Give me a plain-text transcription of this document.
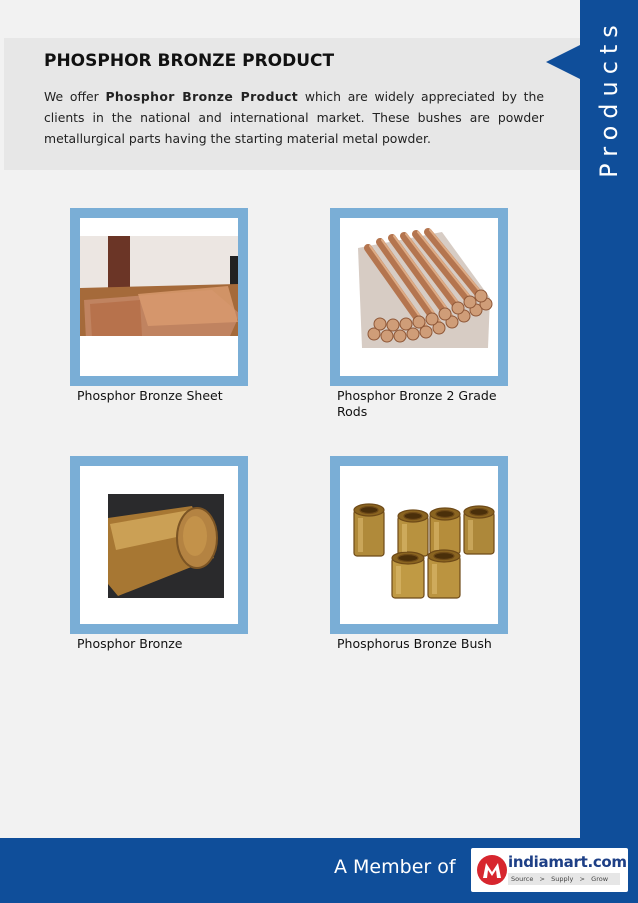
Products
PHOSPHOR BRONZE PRODUCT

We offer Phosphor Bronze Product which are widely appreciated by the clients in the national and international market. These bushes are powder metallurgical parts having the starting material metal powder.

Phosphor Bronze Sheet	Phosphor Bronze 2 Grade Rods

Phosphor Bronze	Phosphorus Bronze Bush

A Member of	indiamart.com

Source   >   Supply   >   Grow
